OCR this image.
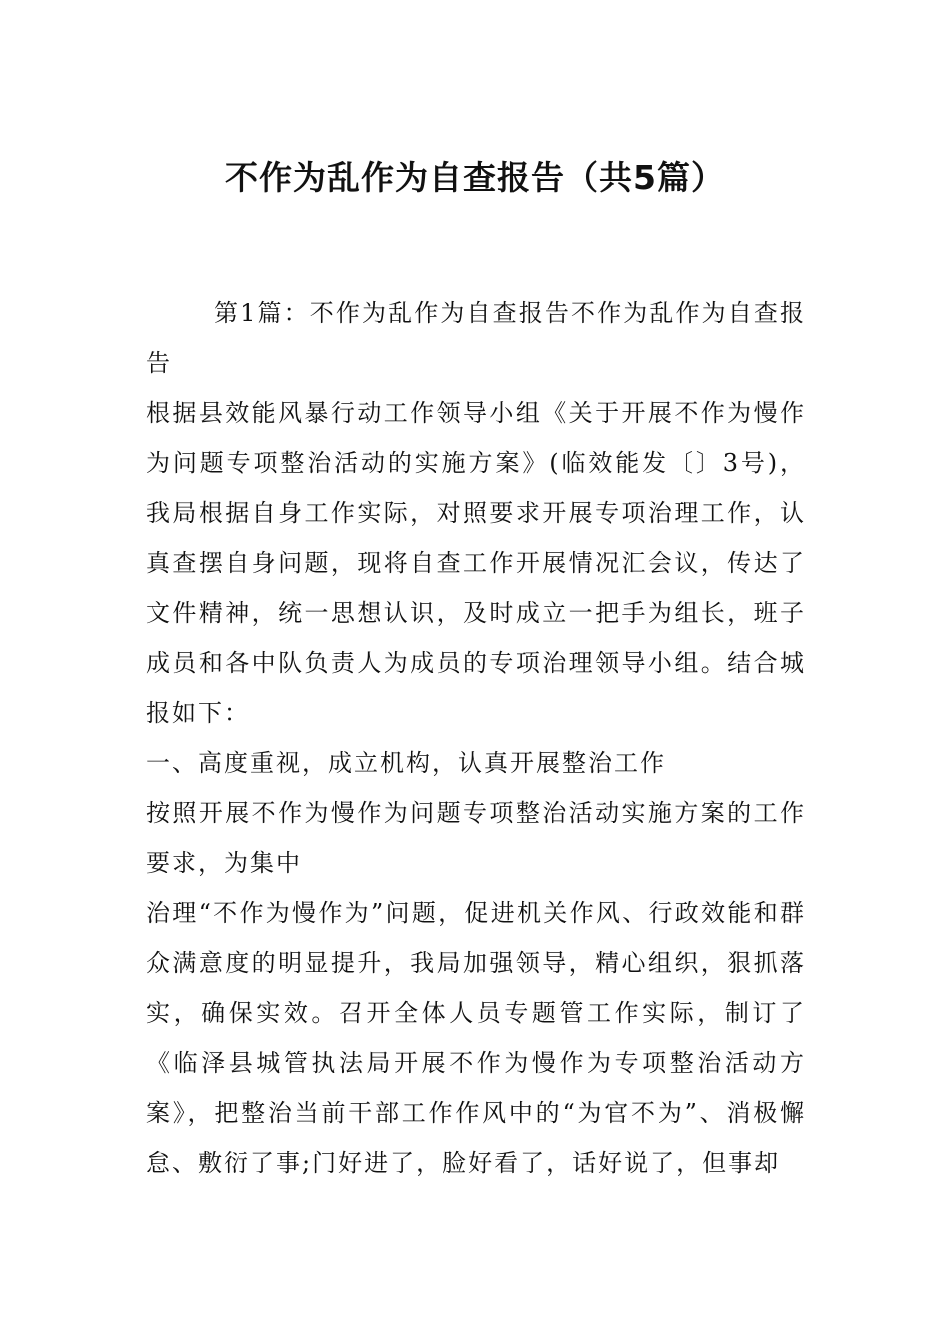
不作为乱作为自查报告（共5篇）

第1篇：不作为乱作为自查报告不作为乱作为自查报告

根据县效能风暴行动工作领导小组《关于开展不作为慢作为问题专项整治活动的实施方案》(临效能发〔〕3号)，我局根据自身工作实际，对照要求开展专项治理工作，认真查摆自身问题，现将自查工作开展情况汇会议，传达了文件精神，统一思想认识，及时成立一把手为组长，班子成员和各中队负责人为成员的专项治理领导小组。结合城报如下：

一、高度重视，成立机构，认真开展整治工作

按照开展不作为慢作为问题专项整治活动实施方案的工作要求，为集中

治理“不作为慢作为”问题，促进机关作风、行政效能和群众满意度的明显提升，我局加强领导，精心组织，狠抓落实，确保实效。召开全体人员专题管工作实际，制订了《临泽县城管执法局开展不作为慢作为专项整治活动方案》，把整治当前干部工作作风中的“为官不为”、消极懈怠、敷衍了事;门好进了，脸好看了，话好说了，但事却
